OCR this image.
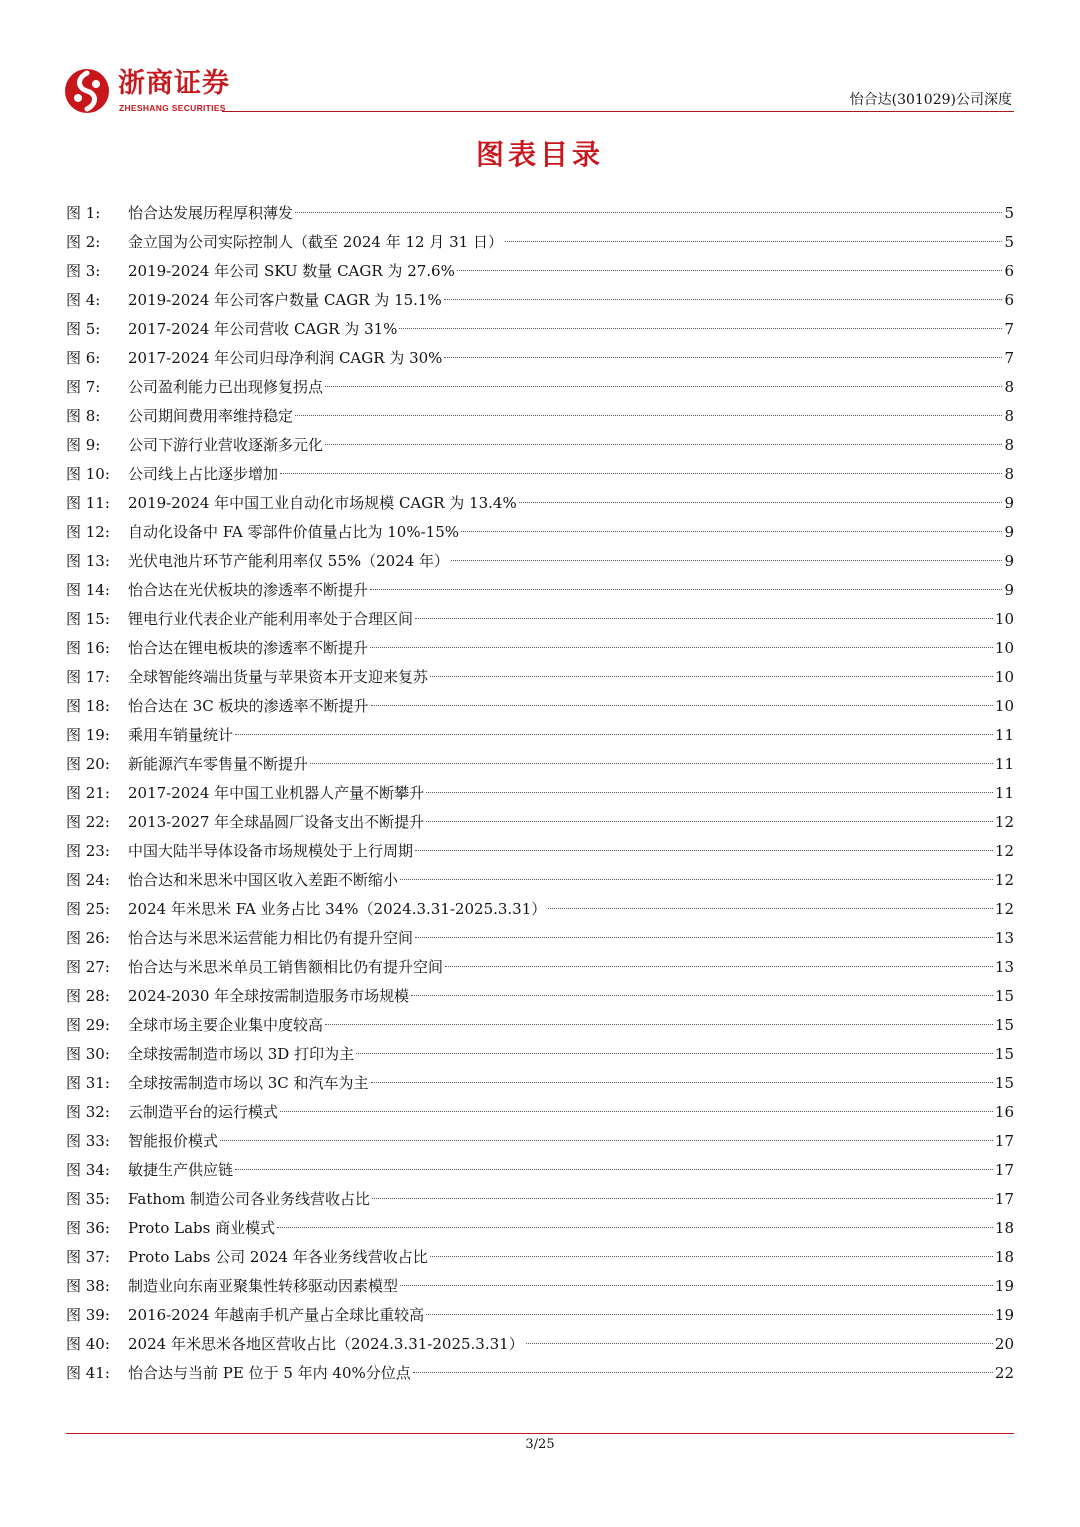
浙商证券
ZHESHANG SECURITIES	怡合达(301029)公司深度
图表目录
图 1:	怡合达发展历程厚积薄发	5
图 2:	金立国为公司实际控制人（截至 2024 年 12 月 31 日）	5
图 3:	2019-2024 年公司 SKU 数量 CAGR 为 27.6%	6
图 4:	2019-2024 年公司客户数量 CAGR 为 15.1%	6
图 5:	2017-2024 年公司营收 CAGR 为 31%	7
图 6:	2017-2024 年公司归母净利润 CAGR 为 30%	7
图 7:	公司盈利能力已出现修复拐点	8
图 8:	公司期间费用率维持稳定	8
图 9:	公司下游行业营收逐渐多元化	8
图 10:	公司线上占比逐步增加	8
图 11:	2019-2024 年中国工业自动化市场规模 CAGR 为 13.4%	9
图 12:	自动化设备中 FA 零部件价值量占比为 10%-15%	9
图 13:	光伏电池片环节产能利用率仅 55%（2024 年）	9
图 14:	怡合达在光伏板块的渗透率不断提升	9
图 15:	锂电行业代表企业产能利用率处于合理区间	10
图 16:	怡合达在锂电板块的渗透率不断提升	10
图 17:	全球智能终端出货量与苹果资本开支迎来复苏	10
图 18:	怡合达在 3C 板块的渗透率不断提升	10
图 19:	乘用车销量统计	11
图 20:	新能源汽车零售量不断提升	11
图 21:	2017-2024 年中国工业机器人产量不断攀升	11
图 22:	2013-2027 年全球晶圆厂设备支出不断提升	12
图 23:	中国大陆半导体设备市场规模处于上行周期	12
图 24:	怡合达和米思米中国区收入差距不断缩小	12
图 25:	2024 年米思米 FA 业务占比 34%（2024.3.31-2025.3.31）	12
图 26:	怡合达与米思米运营能力相比仍有提升空间	13
图 27:	怡合达与米思米单员工销售额相比仍有提升空间	13
图 28:	2024-2030 年全球按需制造服务市场规模	15
图 29:	全球市场主要企业集中度较高	15
图 30:	全球按需制造市场以 3D 打印为主	15
图 31:	全球按需制造市场以 3C 和汽车为主	15
图 32:	云制造平台的运行模式	16
图 33:	智能报价模式	17
图 34:	敏捷生产供应链	17
图 35:	Fathom 制造公司各业务线营收占比	17
图 36:	Proto Labs 商业模式	18
图 37:	Proto Labs 公司 2024 年各业务线营收占比	18
图 38:	制造业向东南亚聚集性转移驱动因素模型	19
图 39:	2016-2024 年越南手机产量占全球比重较高	19
图 40:	2024 年米思米各地区营收占比（2024.3.31-2025.3.31）	20
图 41:	怡合达与当前 PE 位于 5 年内 40%分位点	22
3/25
